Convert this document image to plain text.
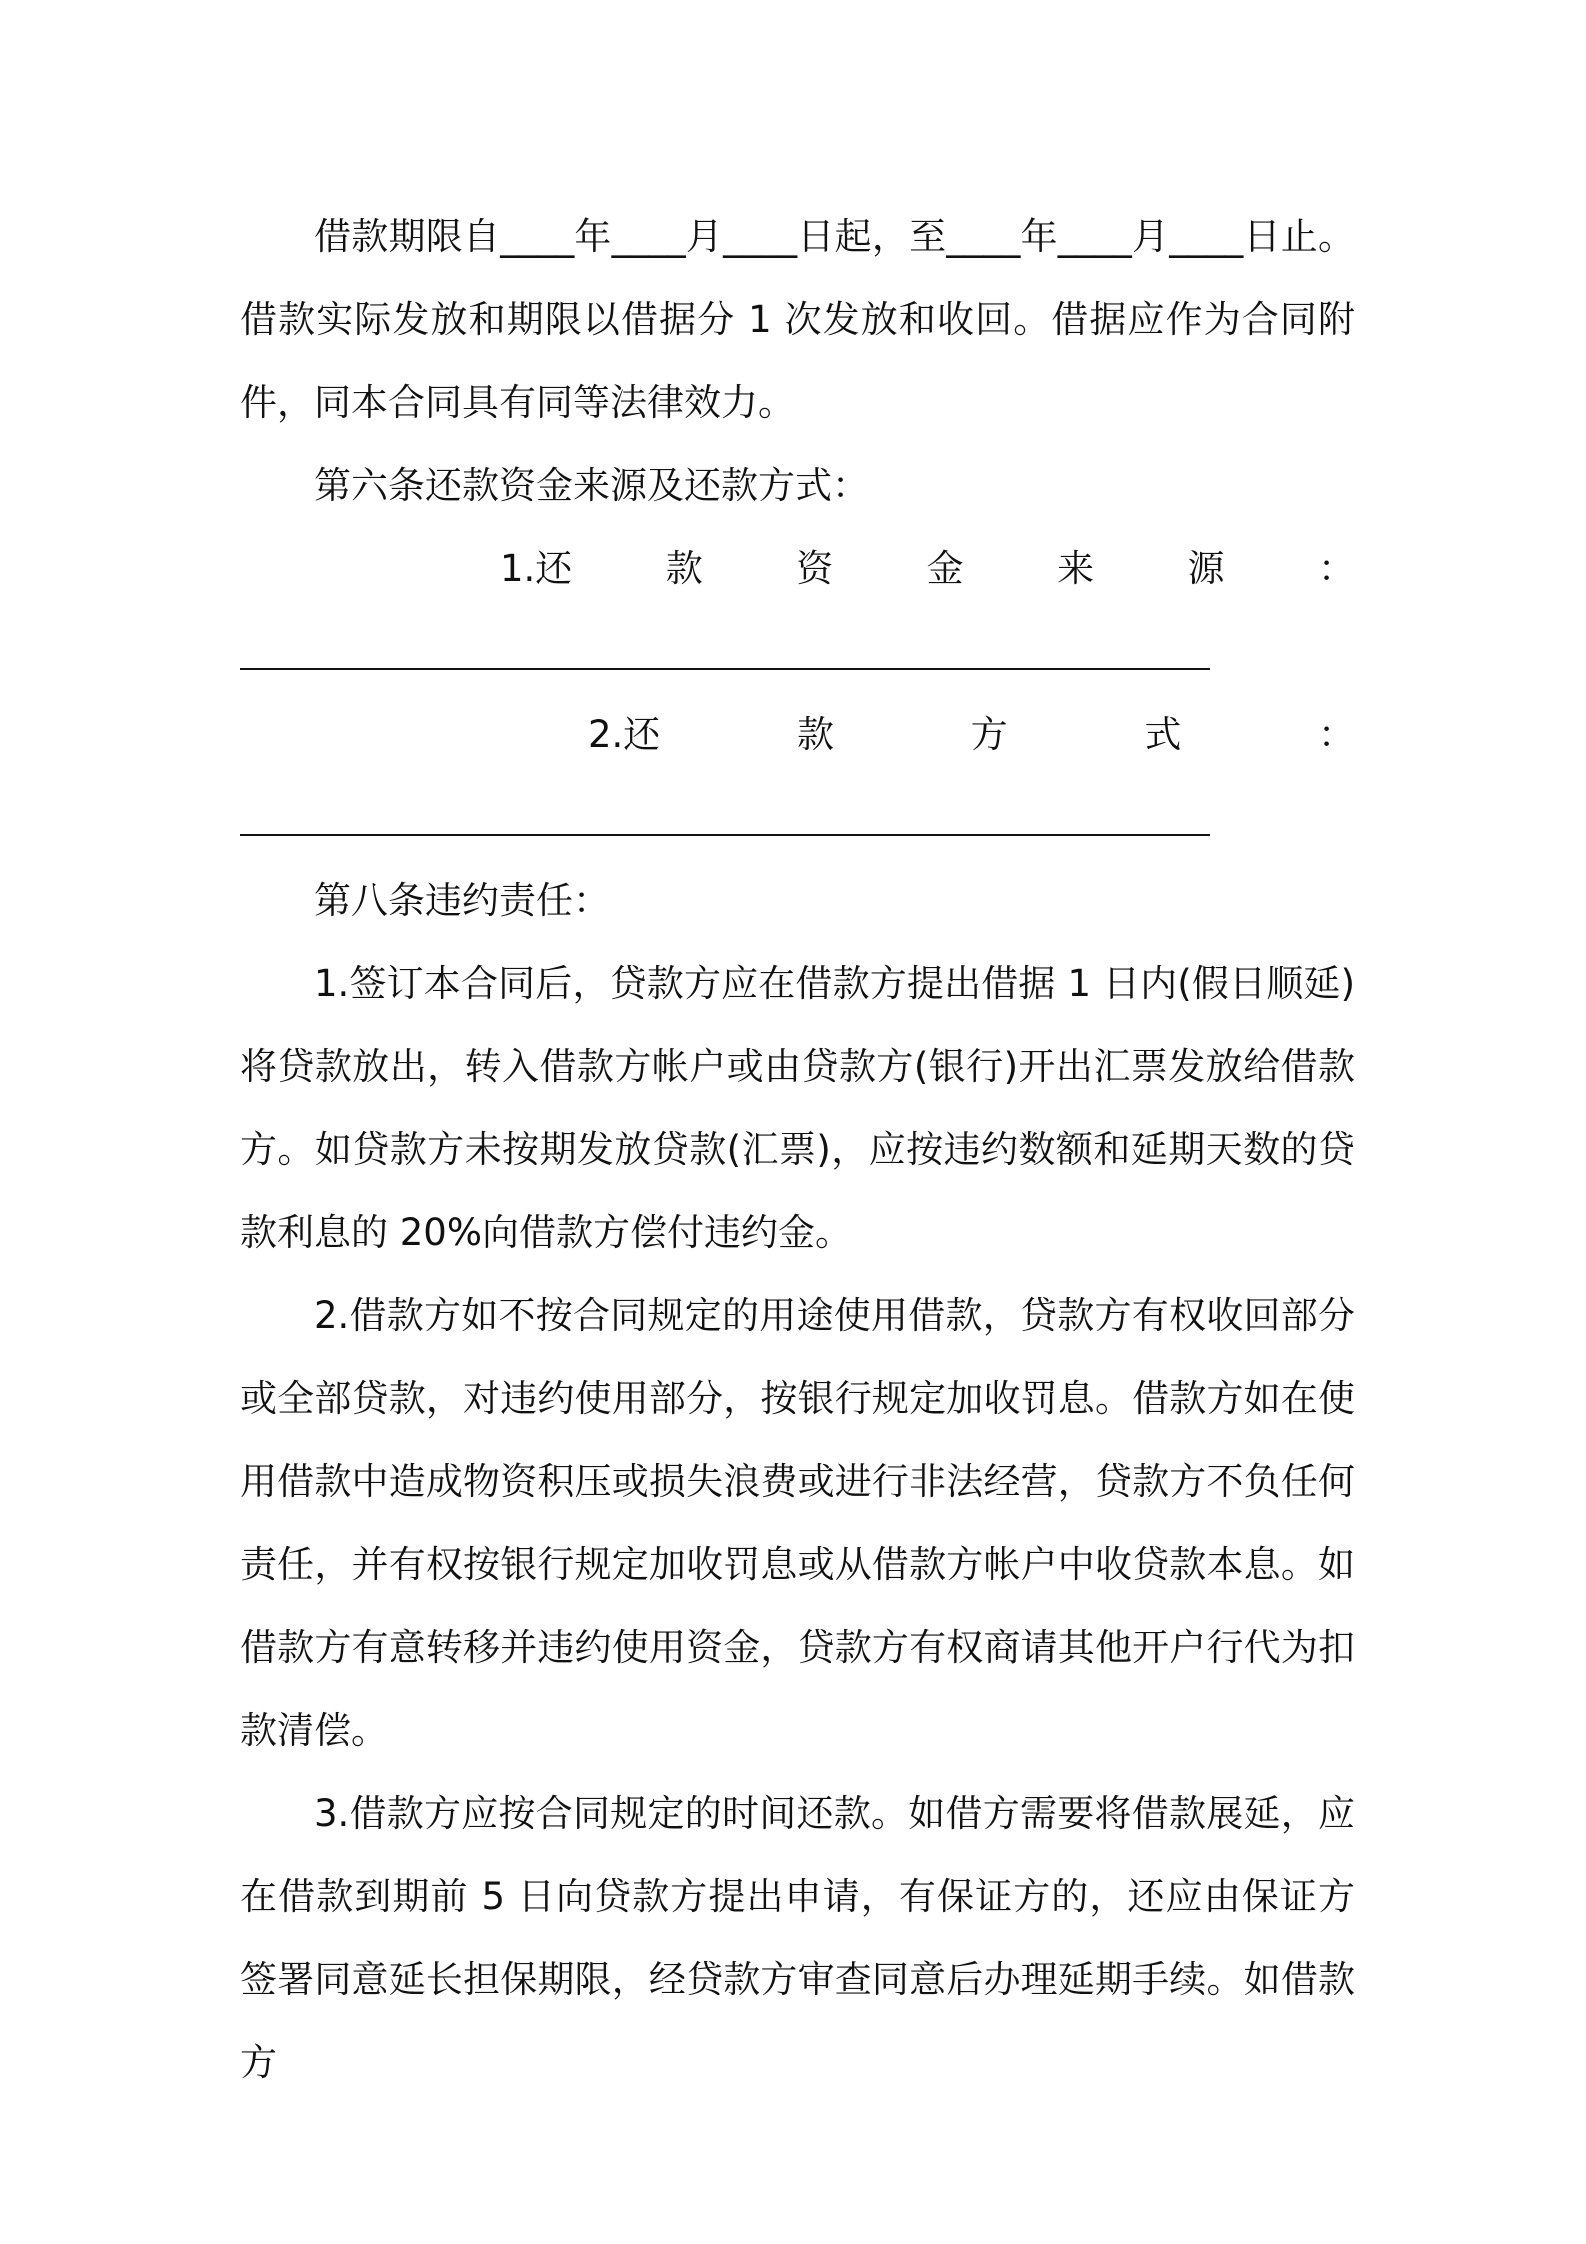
借款期限自____年____月____日起，至____年____月____日止。借款实际发放和期限以借据分 1 次发放和收回。借据应作为合同附件，同本合同具有同等法律效力。

第六条还款资金来源及还款方式：

1.还	款	资	金	来	源	：
2.还	款	方	式	：

第八条违约责任：

1.签订本合同后，贷款方应在借款方提出借据 1 日内(假日顺延)将贷款放出，转入借款方帐户或由贷款方(银行)开出汇票发放给借款方。如贷款方未按期发放贷款(汇票)，应按违约数额和延期天数的贷款利息的 20%向借款方偿付违约金。

2.借款方如不按合同规定的用途使用借款，贷款方有权收回部分或全部贷款，对违约使用部分，按银行规定加收罚息。借款方如在使用借款中造成物资积压或损失浪费或进行非法经营，贷款方不负任何责任，并有权按银行规定加收罚息或从借款方帐户中收贷款本息。如借款方有意转移并违约使用资金，贷款方有权商请其他开户行代为扣款清偿。

3.借款方应按合同规定的时间还款。如借方需要将借款展延，应在借款到期前 5 日向贷款方提出申请，有保证方的，还应由保证方签署同意延长担保期限，经贷款方审查同意后办理延期手续。如借款方
